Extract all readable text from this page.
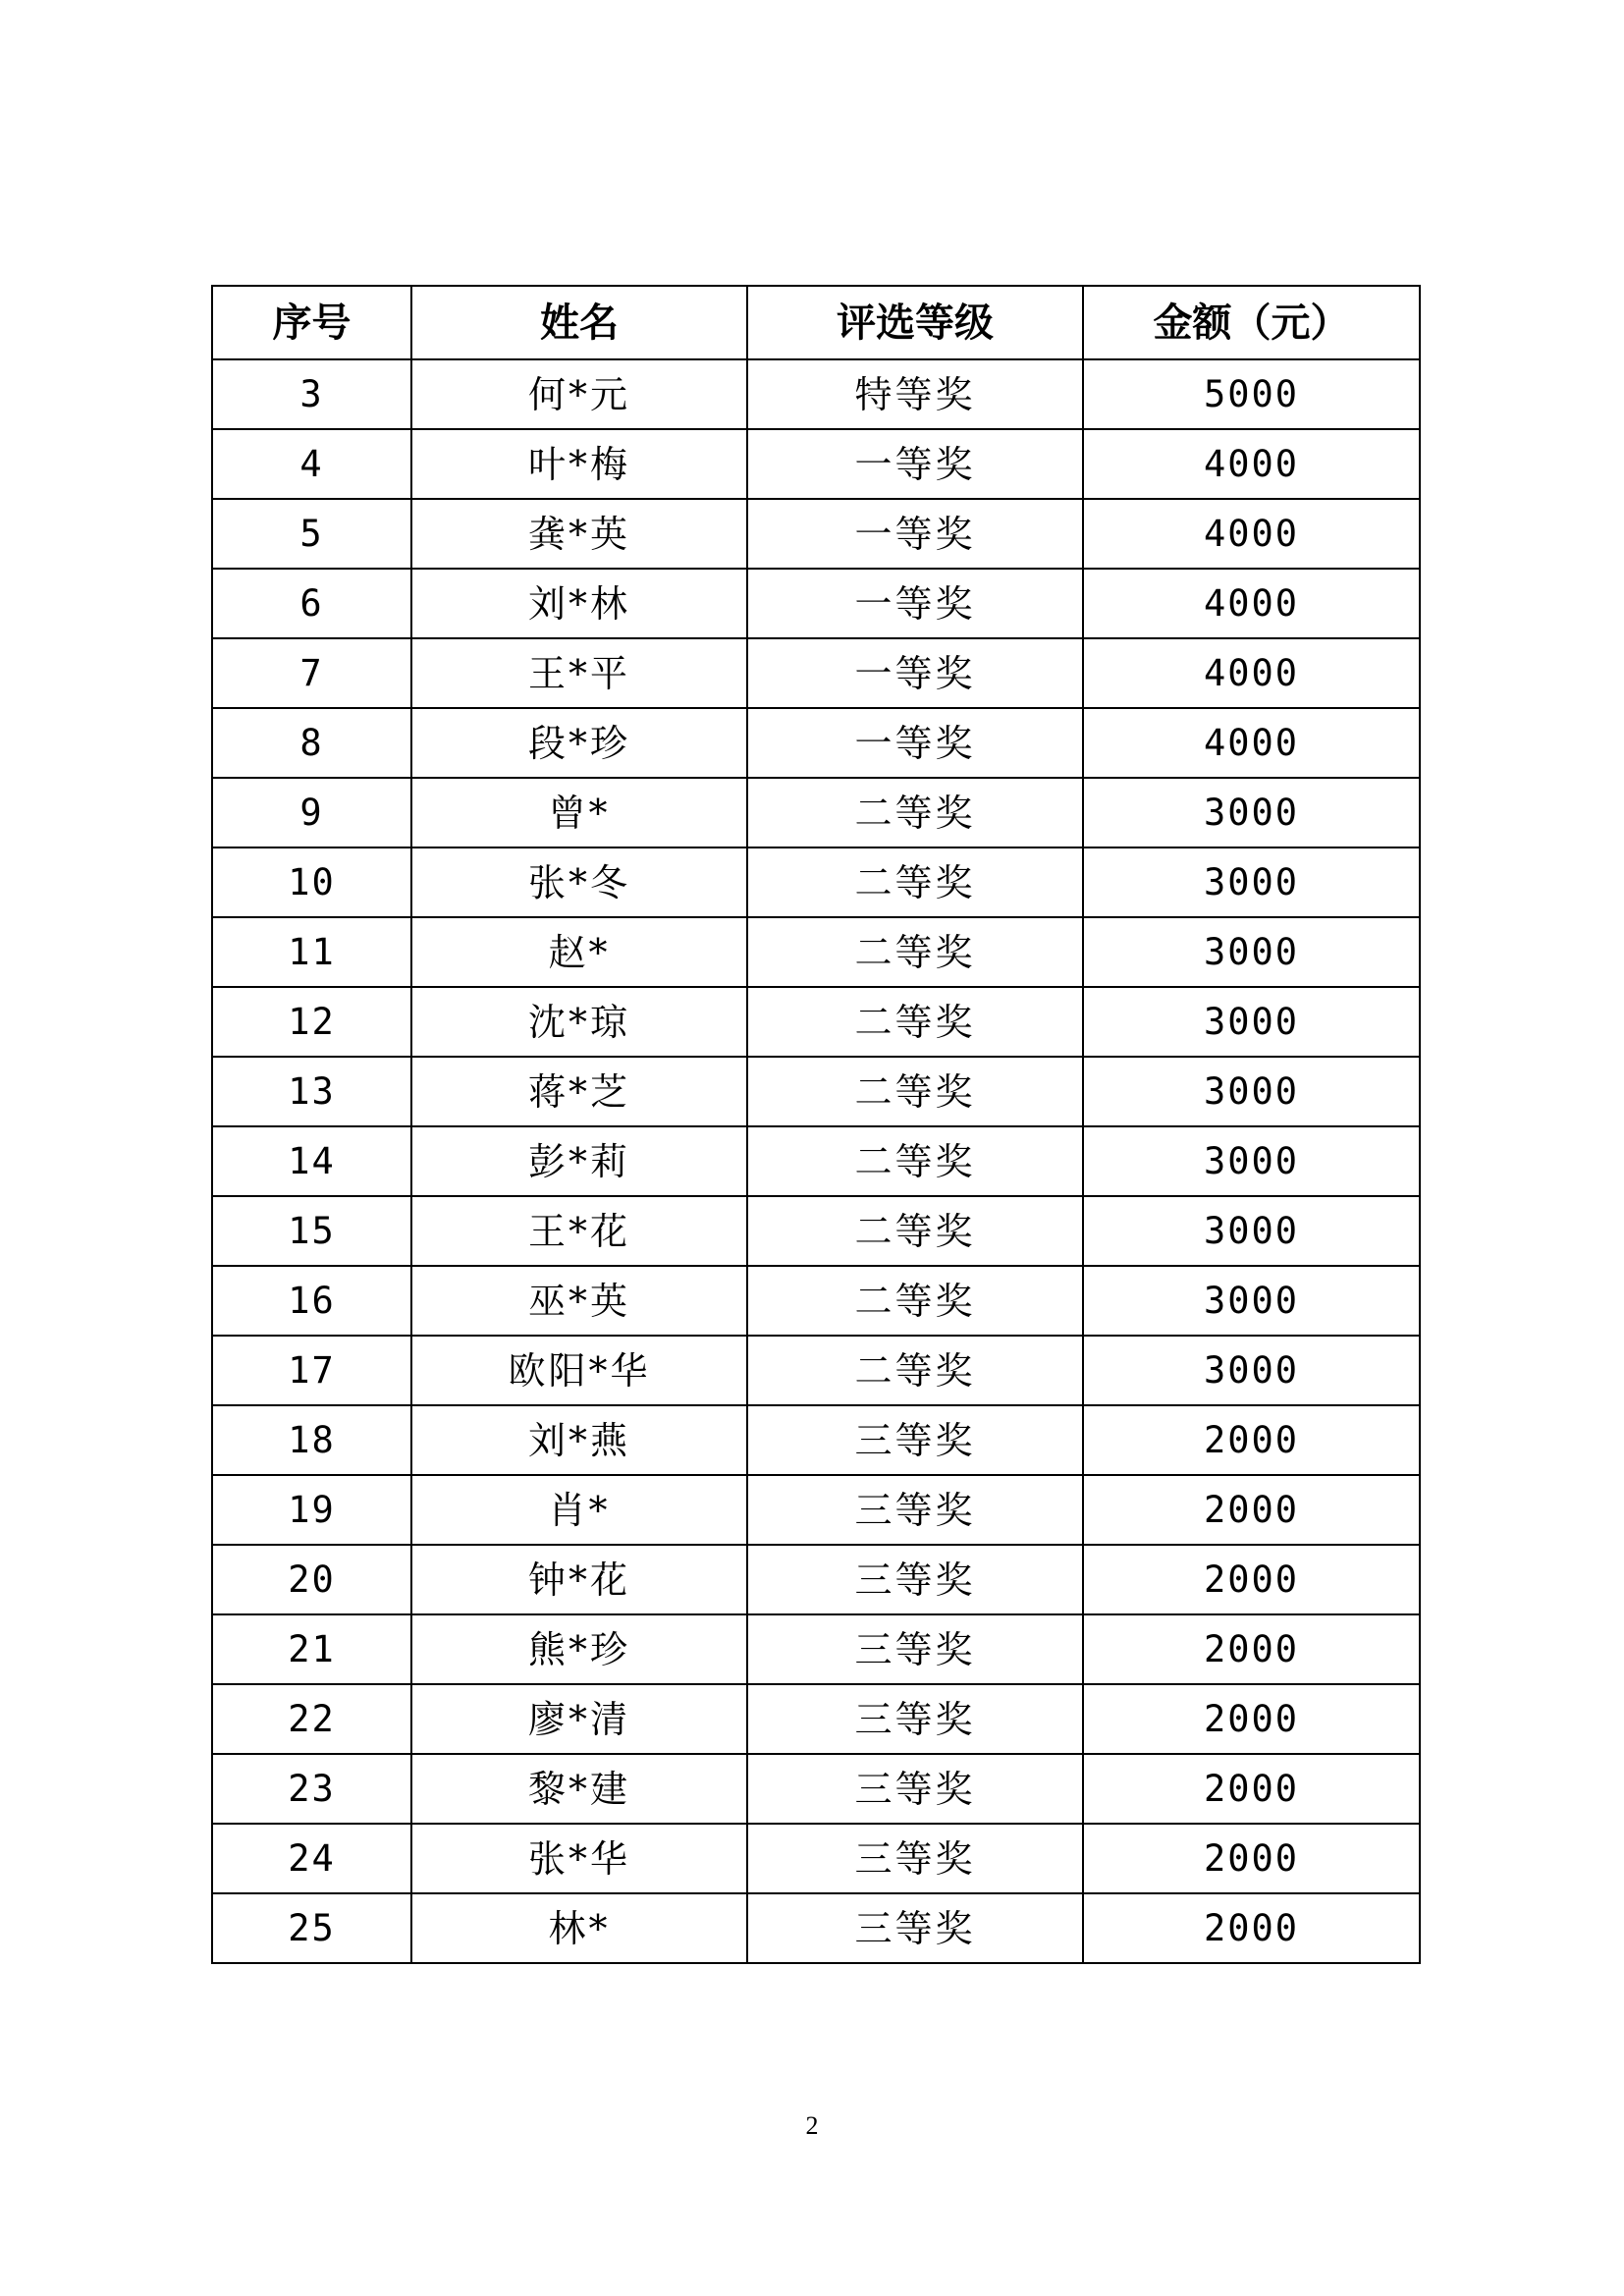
序号	姓名	评选等级	金额（元）
3	何*元	特等奖	5000
4	叶*梅	一等奖	4000
5	龚*英	一等奖	4000
6	刘*林	一等奖	4000
7	王*平	一等奖	4000
8	段*珍	一等奖	4000
9	曾*	二等奖	3000
10	张*冬	二等奖	3000
11	赵*	二等奖	3000
12	沈*琼	二等奖	3000
13	蒋*芝	二等奖	3000
14	彭*莉	二等奖	3000
15	王*花	二等奖	3000
16	巫*英	二等奖	3000
17	欧阳*华	二等奖	3000
18	刘*燕	三等奖	2000
19	肖*	三等奖	2000
20	钟*花	三等奖	2000
21	熊*珍	三等奖	2000
22	廖*清	三等奖	2000
23	黎*建	三等奖	2000
24	张*华	三等奖	2000
25	林*	三等奖	2000
2
